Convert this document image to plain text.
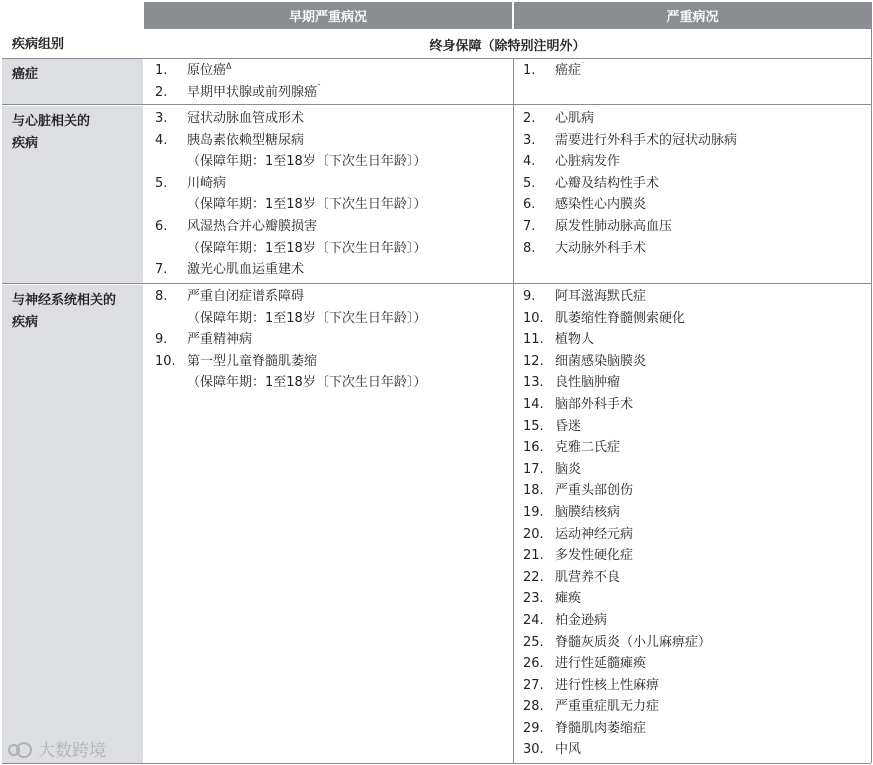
早期严重病况	严重病况
疾病组别
癌症
与心脏相关的
疾病
与神经系统相关的
疾病
终身保障（除特别注明外）
1. 原位癌$^\Delta$
2. 早期甲状腺或前列腺癌$^ˉ$
1. 癌症˙
3. 冠状动脉血管成形术
4. 胰岛素依赖型糖尿病
（保障年期：1至18岁〔下次生日年龄〕）
5. 川崎病
（保障年期：1至18岁〔下次生日年龄〕）
6. 风湿热合并心瓣膜损害
（保障年期：1至18岁〔下次生日年龄〕）
7. 激光心肌血运重建术
2. 心肌病
3. 需要进行外科手术的冠状动脉病
4. 心脏病发作
5. 心瓣及结构性手术
6. 感染性心内膜炎
7. 原发性肺动脉高血压
8. 大动脉外科手术
8. 严重自闭症谱系障碍
（保障年期：1至18岁〔下次生日年龄〕）
9. 严重精神病
10. 第一型儿童脊髓肌萎缩
（保障年期：1至18岁〔下次生日年龄〕）
9. 阿耳滋海默氏症
10. 肌萎缩性脊髓侧索硬化
11. 植物人
12. 细菌感染脑膜炎
13. 良性脑肿瘤
14. 脑部外科手术
15. 昏迷
16. 克雅二氏症
17. 脑炎
18. 严重头部创伤
19. 脑膜结核病
20. 运动神经元病
21. 多发性硬化症
22. 肌营养不良
23. 瘫痪
24. 柏金逊病
25. 脊髓灰质炎（小儿麻痹症）
26. 进行性延髓瘫痪
27. 进行性核上性麻痹
28. 严重重症肌无力症
29. 脊髓肌肉萎缩症
30. 中风
大数跨境
